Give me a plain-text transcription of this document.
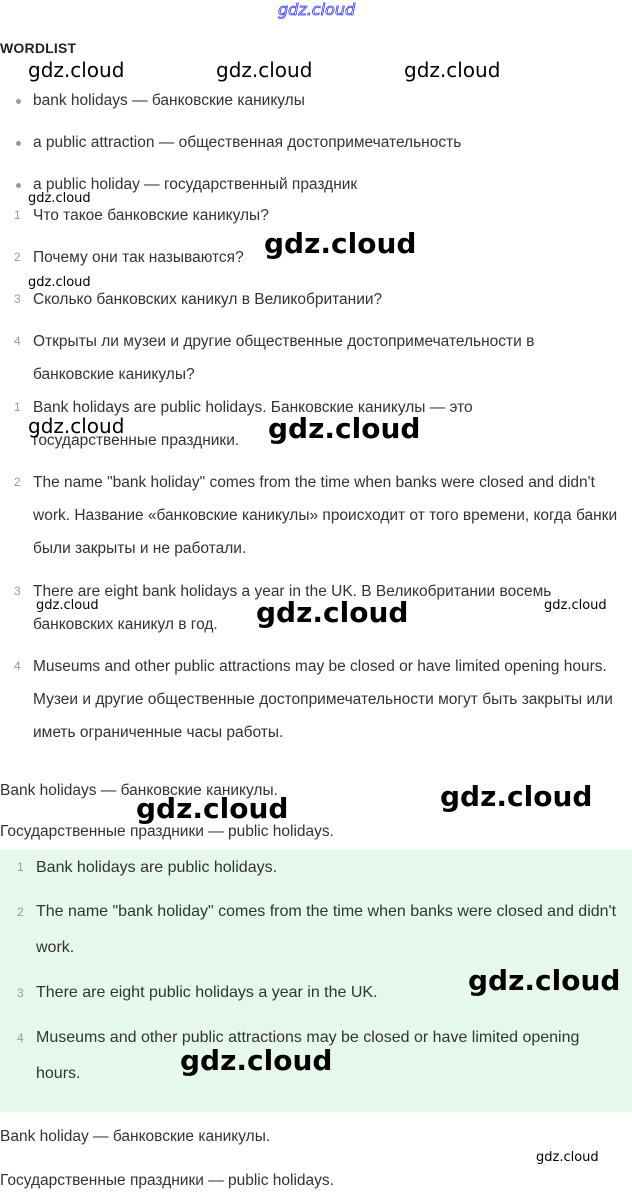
gdz.cloud
WORDLIST
bank holidays — банковские каникулы
a public attraction — общественная достопримечательность
a public holiday — государственный праздник
1 Что такое банковские каникулы?
2 Почему они так называются?
3 Сколько банковских каникул в Великобритании?
4 Открыты ли музеи и другие общественные достопримечательности в банковские каникулы?
1 Bank holidays are public holidays. Банковские каникулы — это государственные праздники.
2 The name "bank holiday" comes from the time when banks were closed and didn't work. Название «банковские каникулы» происходит от того времени, когда банки были закрыты и не работали.
3 There are eight bank holidays a year in the UK. В Великобритании восемь банковских каникул в год.
4 Museums and other public attractions may be closed or have limited opening hours. Музеи и другие общественные достопримечательности могут быть закрыты или иметь ограниченные часы работы.
Bank holidays — банковские каникулы.
Государственные праздники — public holidays.
1 Bank holidays are public holidays.
2 The name "bank holiday" comes from the time when banks were closed and didn't work.
3 There are eight public holidays a year in the UK.
4 Museums and other public attractions may be closed or have limited opening hours.
Bank holiday — банковские каникулы.
Государственные праздники — public holidays.
gdz.cloud	gdz.cloud	gdz.cloud
gdz.cloud
gdz.cloud
gdz.cloud
gdz.cloud	gdz.cloud
gdz.cloud	gdz.cloud	gdz.cloud
gdz.cloud
gdz.cloud
gdz.cloud
gdz.cloud
gdz.cloud
